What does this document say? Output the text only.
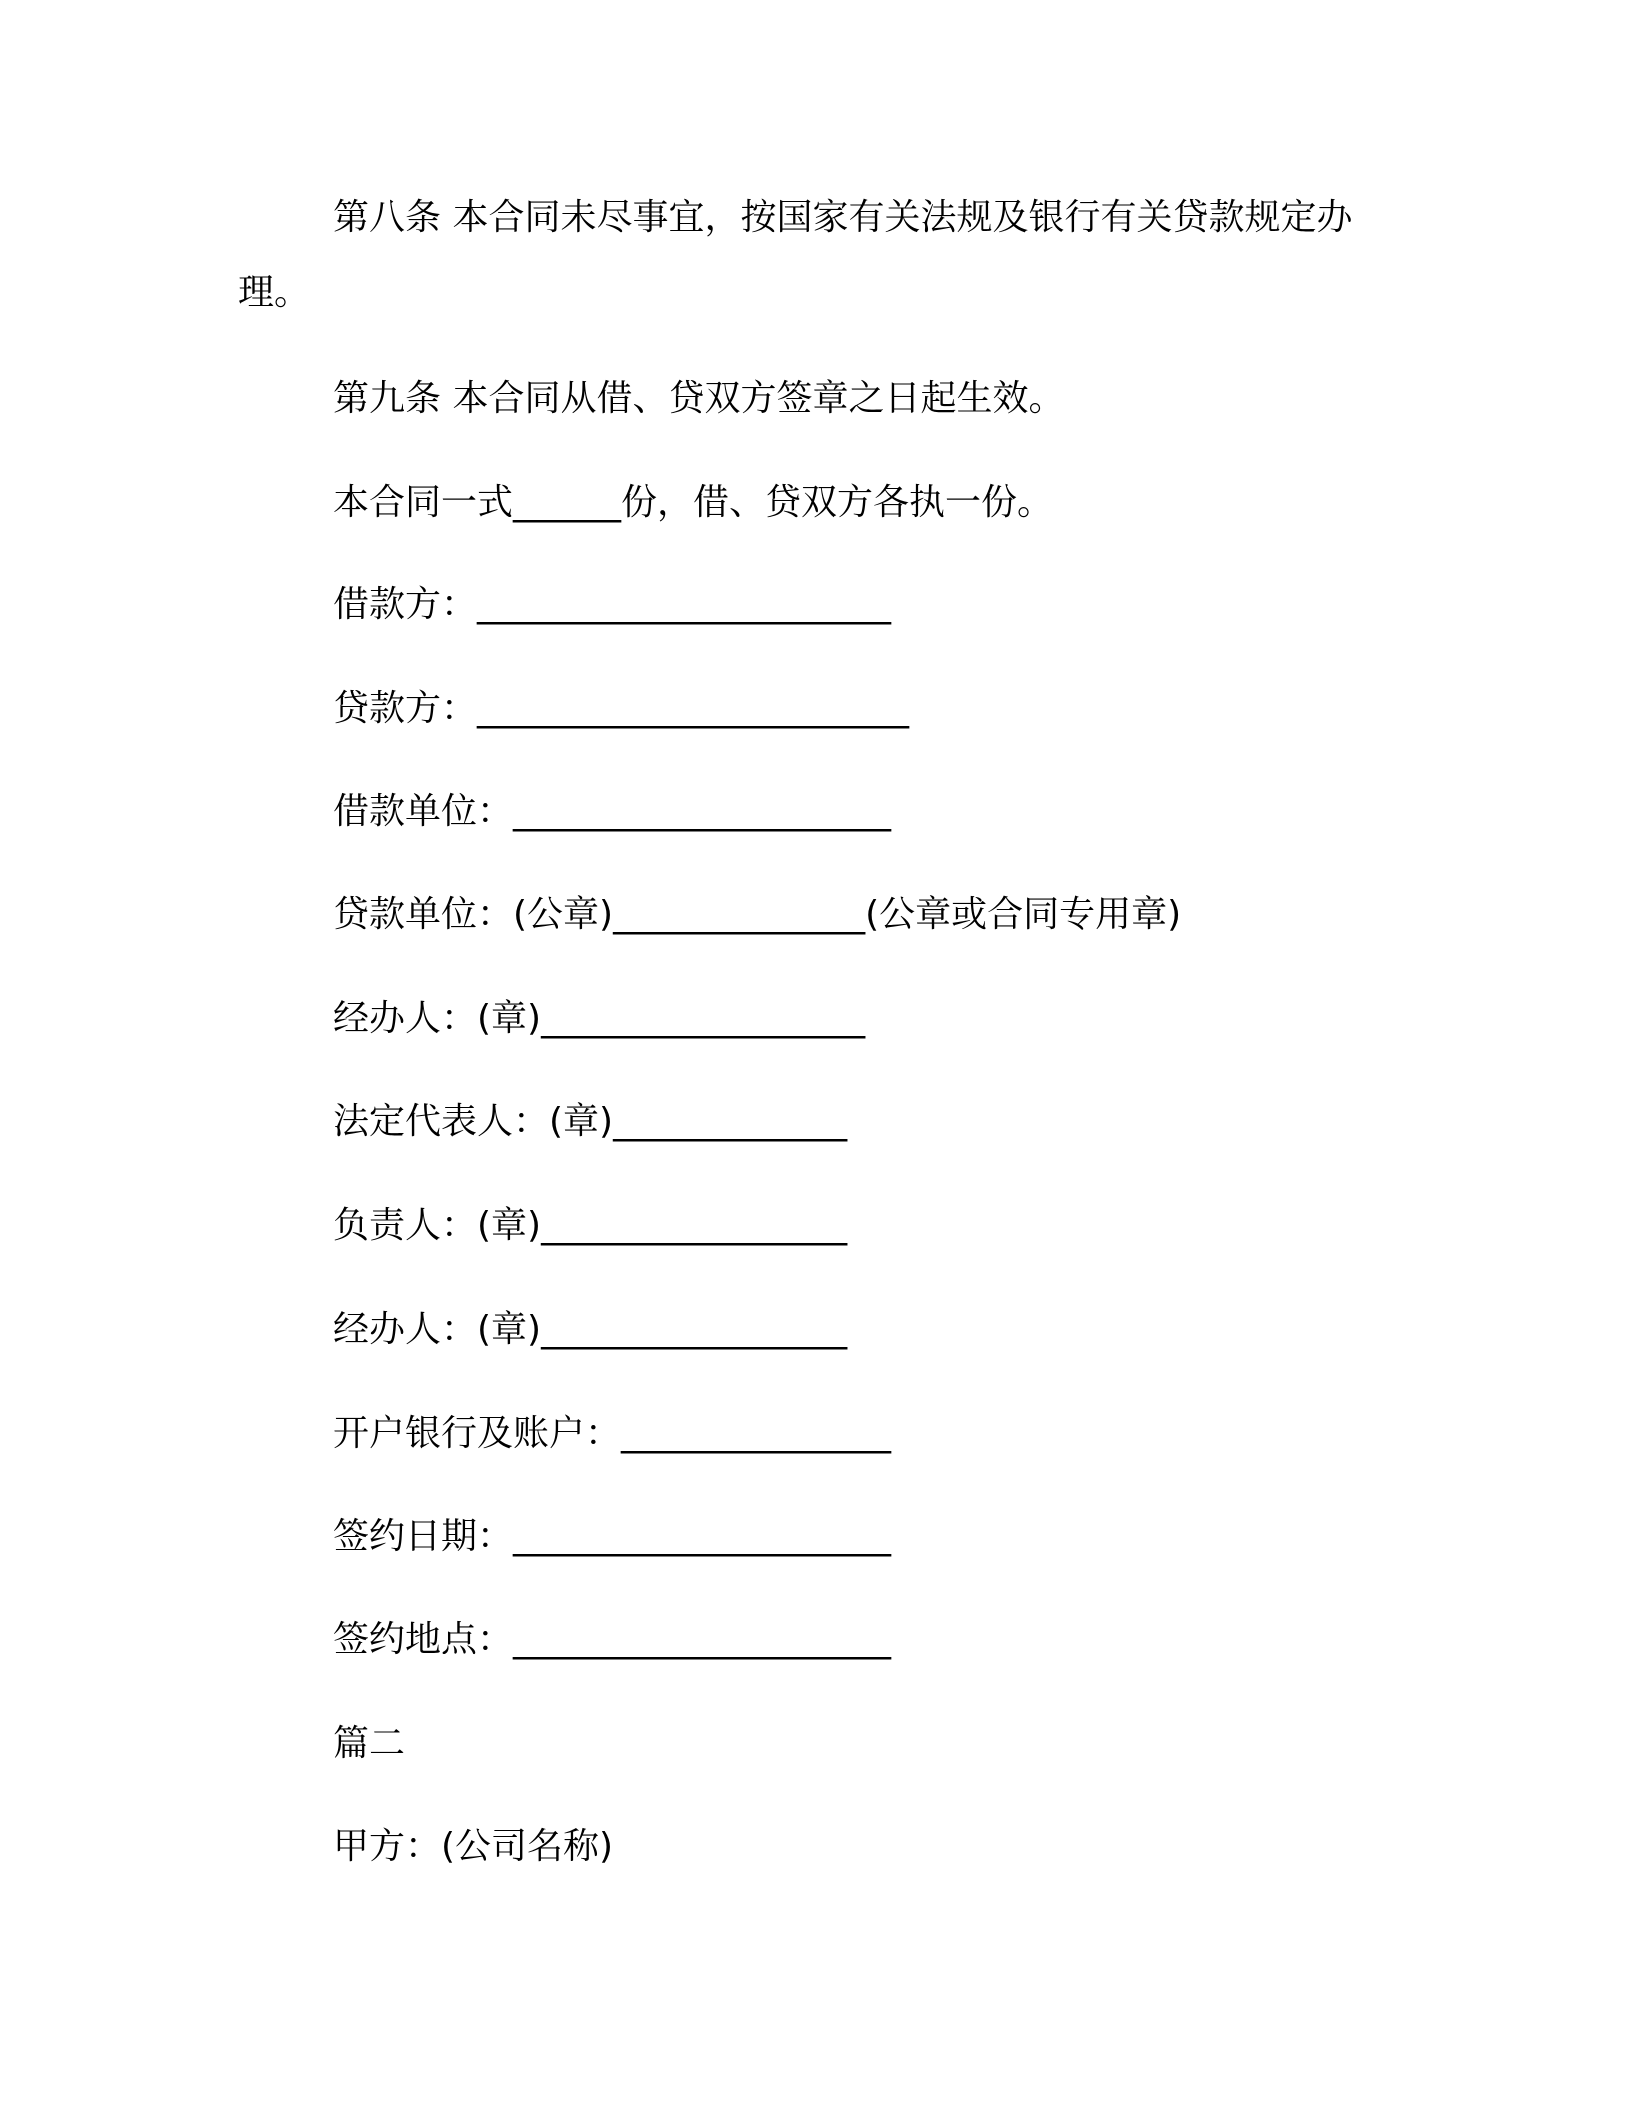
第八条 本合同未尽事宜，按国家有关法规及银行有关贷款规定办
理。
第九条 本合同从借、贷双方签章之日起生效。
本合同一式______份，借、贷双方各执一份。
借款方：_______________________
贷款方：________________________
借款单位：_____________________
贷款单位：(公章)______________(公章或合同专用章)
经办人：(章)__________________
法定代表人：(章)_____________
负责人：(章)_________________
经办人：(章)_________________
开户银行及账户：_______________
签约日期：_____________________
签约地点：_____________________
篇二
甲方：(公司名称)
